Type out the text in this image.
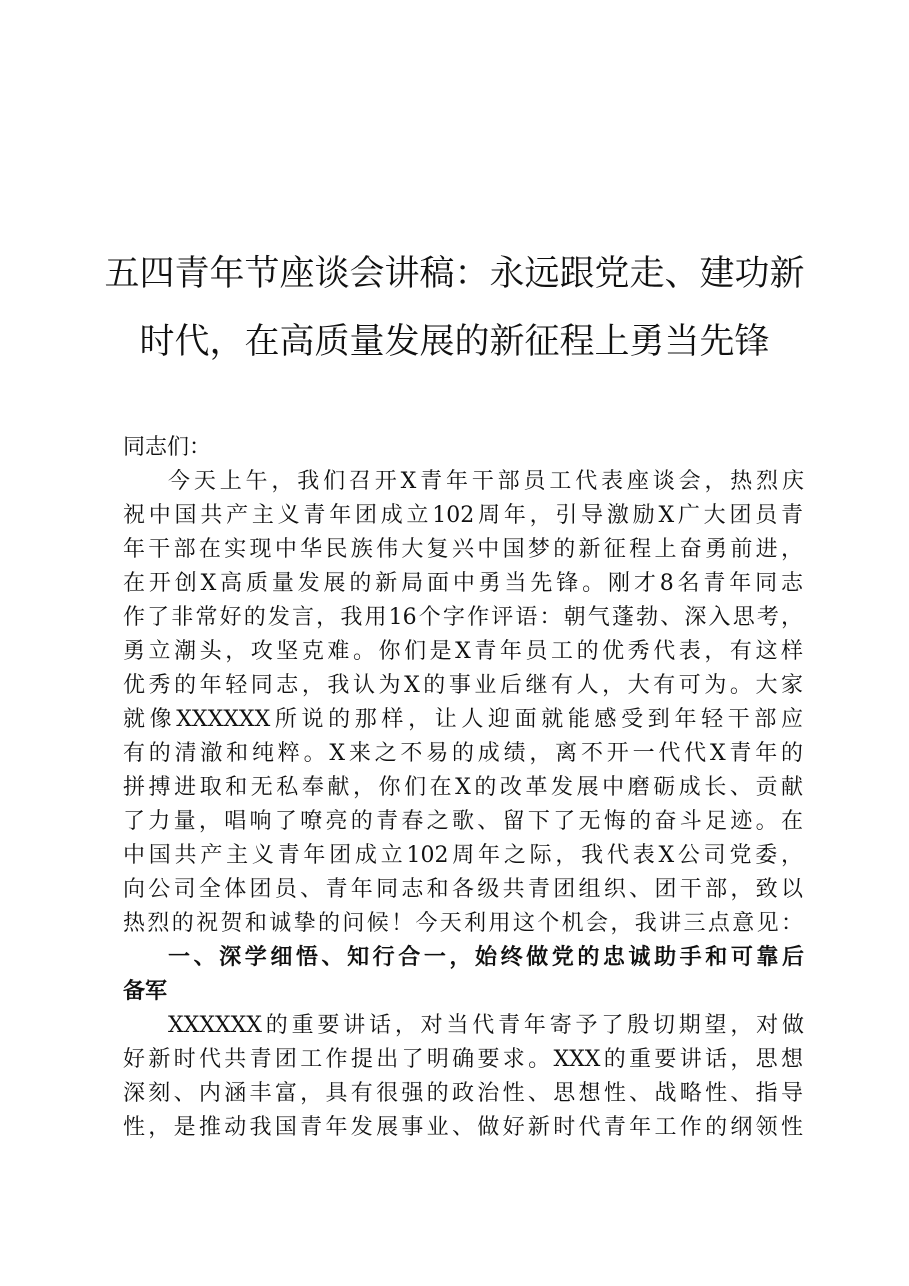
五四青年节座谈会讲稿：永远跟党走、建功新
时代，在高质量发展的新征程上勇当先锋
同志们：
今天上午，我们召开X青年干部员工代表座谈会，热烈庆
祝中国共产主义青年团成立102周年，引导激励X广大团员青
年干部在实现中华民族伟大复兴中国梦的新征程上奋勇前进，
在开创X高质量发展的新局面中勇当先锋。刚才8名青年同志
作了非常好的发言，我用16个字作评语：朝气蓬勃、深入思考，
勇立潮头，攻坚克难。你们是X青年员工的优秀代表，有这样
优秀的年轻同志，我认为X的事业后继有人，大有可为。大家
就像XXXXXX所说的那样，让人迎面就能感受到年轻干部应
有的清澈和纯粹。X来之不易的成绩，离不开一代代X青年的
拼搏进取和无私奉献，你们在X的改革发展中磨砺成长、贡献
了力量，唱响了嘹亮的青春之歌、留下了无悔的奋斗足迹。在
中国共产主义青年团成立102周年之际，我代表X公司党委，
向公司全体团员、青年同志和各级共青团组织、团干部，致以
热烈的祝贺和诚挚的问候！今天利用这个机会，我讲三点意见：
一、深学细悟、知行合一，始终做党的忠诚助手和可靠后
备军
XXXXXX的重要讲话，对当代青年寄予了殷切期望，对做
好新时代共青团工作提出了明确要求。XXX的重要讲话，思想
深刻、内涵丰富，具有很强的政治性、思想性、战略性、指导
性，是推动我国青年发展事业、做好新时代青年工作的纲领性
